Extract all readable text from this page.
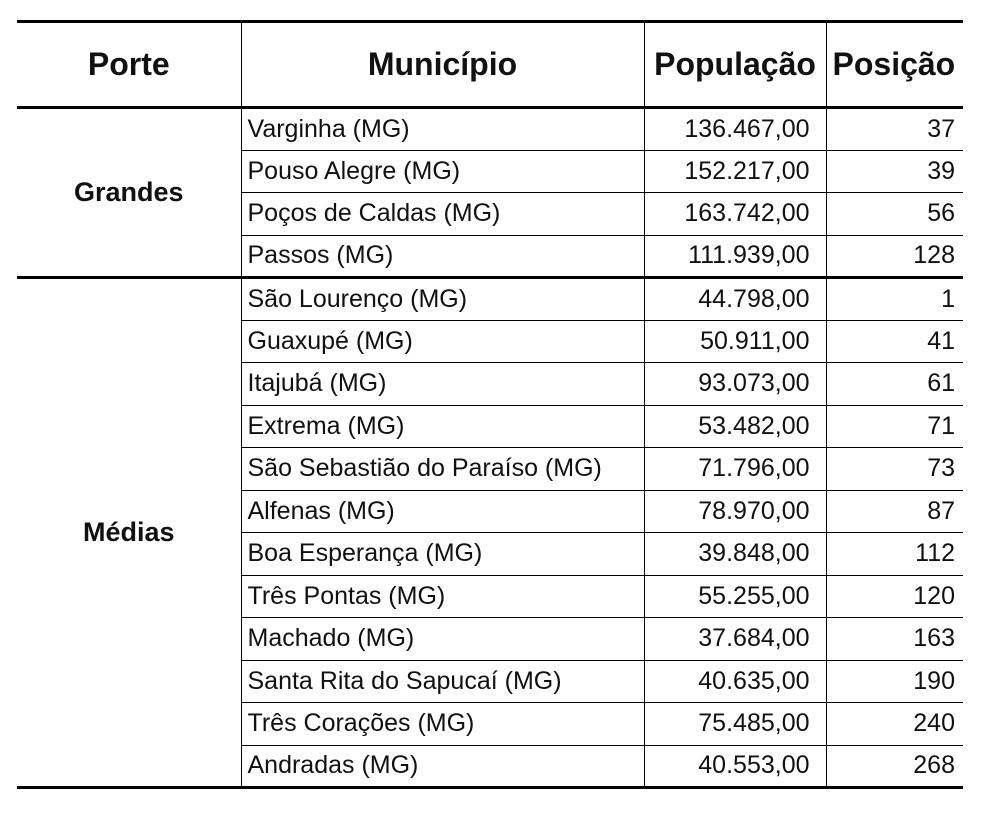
Porte	Município	População	Posição
Grandes	Varginha (MG)	136.467,00	37
	Pouso Alegre (MG)	152.217,00	39
	Poços de Caldas (MG)	163.742,00	56
	Passos (MG)	111.939,00	128
Médias	São Lourenço (MG)	44.798,00	1
	Guaxupé (MG)	50.911,00	41
	Itajubá (MG)	93.073,00	61
	Extrema (MG)	53.482,00	71
	São Sebastião do Paraíso (MG)	71.796,00	73
	Alfenas (MG)	78.970,00	87
	Boa Esperança (MG)	39.848,00	112
	Três Pontas (MG)	55.255,00	120
	Machado (MG)	37.684,00	163
	Santa Rita do Sapucaí (MG)	40.635,00	190
	Três Corações (MG)	75.485,00	240
	Andradas (MG)	40.553,00	268
